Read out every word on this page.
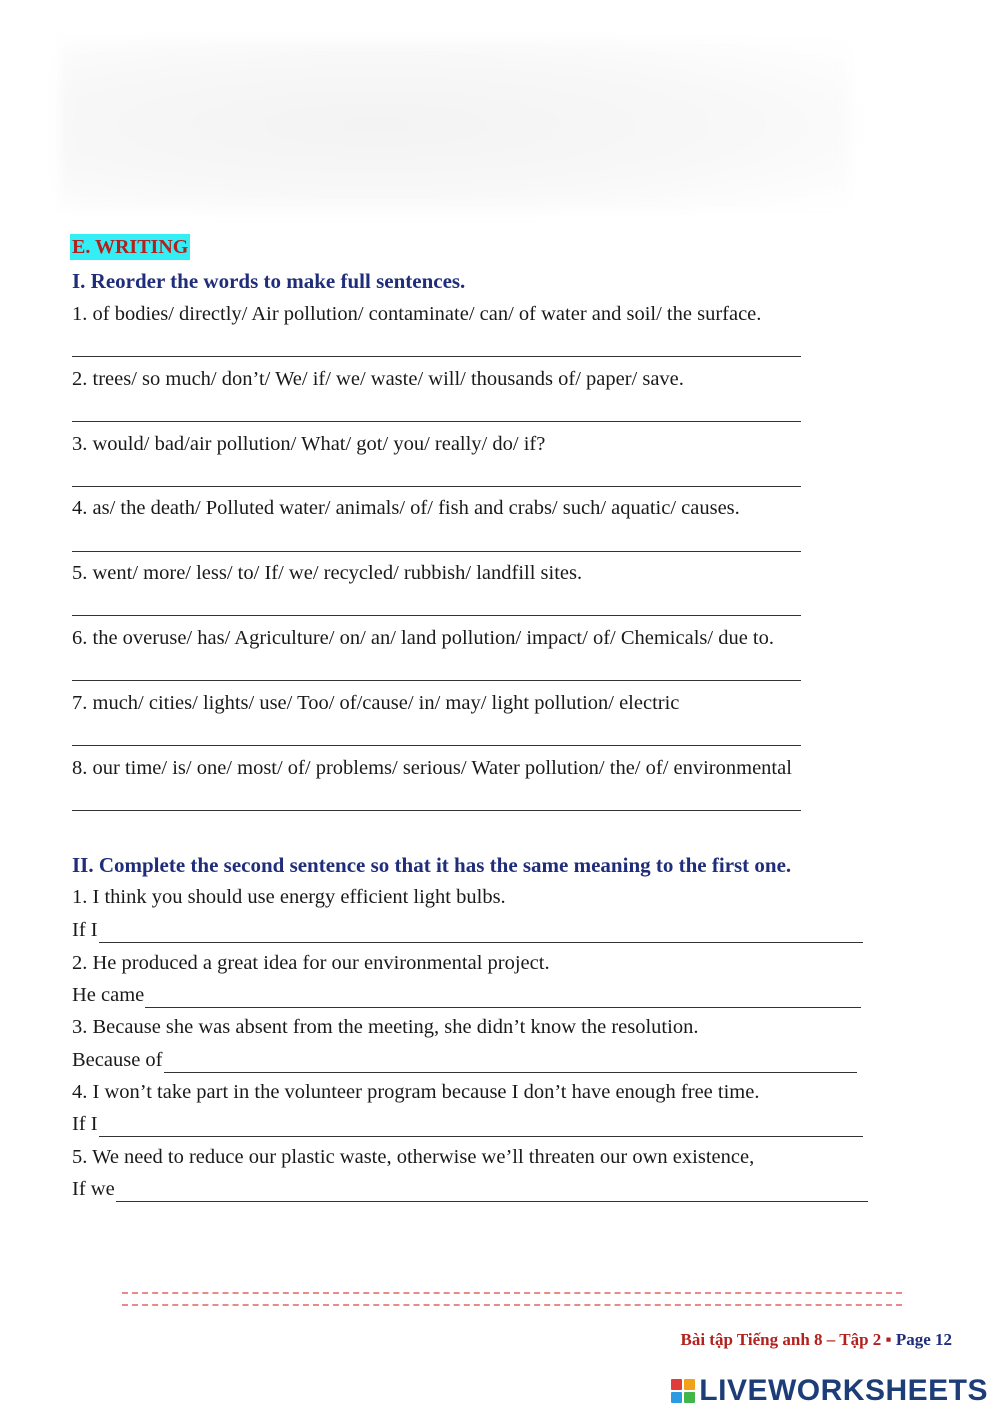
E. WRITING
I. Reorder the words to make full sentences.
1. of bodies/ directly/ Air pollution/ contaminate/ can/ of water and soil/ the surface.
2. trees/ so much/ don’t/ We/ if/ we/ waste/ will/ thousands of/ paper/ save.
3. would/ bad/air pollution/ What/ got/ you/ really/ do/ if?
4. as/ the death/ Polluted water/ animals/ of/ fish and crabs/ such/ aquatic/ causes.
5. went/ more/ less/ to/ If/ we/ recycled/ rubbish/ landfill sites.
6. the overuse/ has/ Agriculture/ on/ an/ land pollution/ impact/ of/ Chemicals/ due to.
7. much/ cities/ lights/ use/ Too/ of/cause/ in/ may/ light pollution/ electric
8. our time/ is/ one/ most/ of/ problems/ serious/ Water pollution/ the/ of/ environmental
II. Complete the second sentence so that it has the same meaning to the first one.
1. I think you should use energy efficient light bulbs.
If I
2. He produced a great idea for our environmental project.
He came
3. Because she was absent from the meeting, she didn’t know the resolution.
Because of
4. I won’t take part in the volunteer program because I don’t have enough free time.
If I
5. We need to reduce our plastic waste, otherwise we’ll threaten our own existence,
If we
Bài tập Tiếng anh 8 – Tập 2 ▪ Page 12
LIVEWORKSHEETS
